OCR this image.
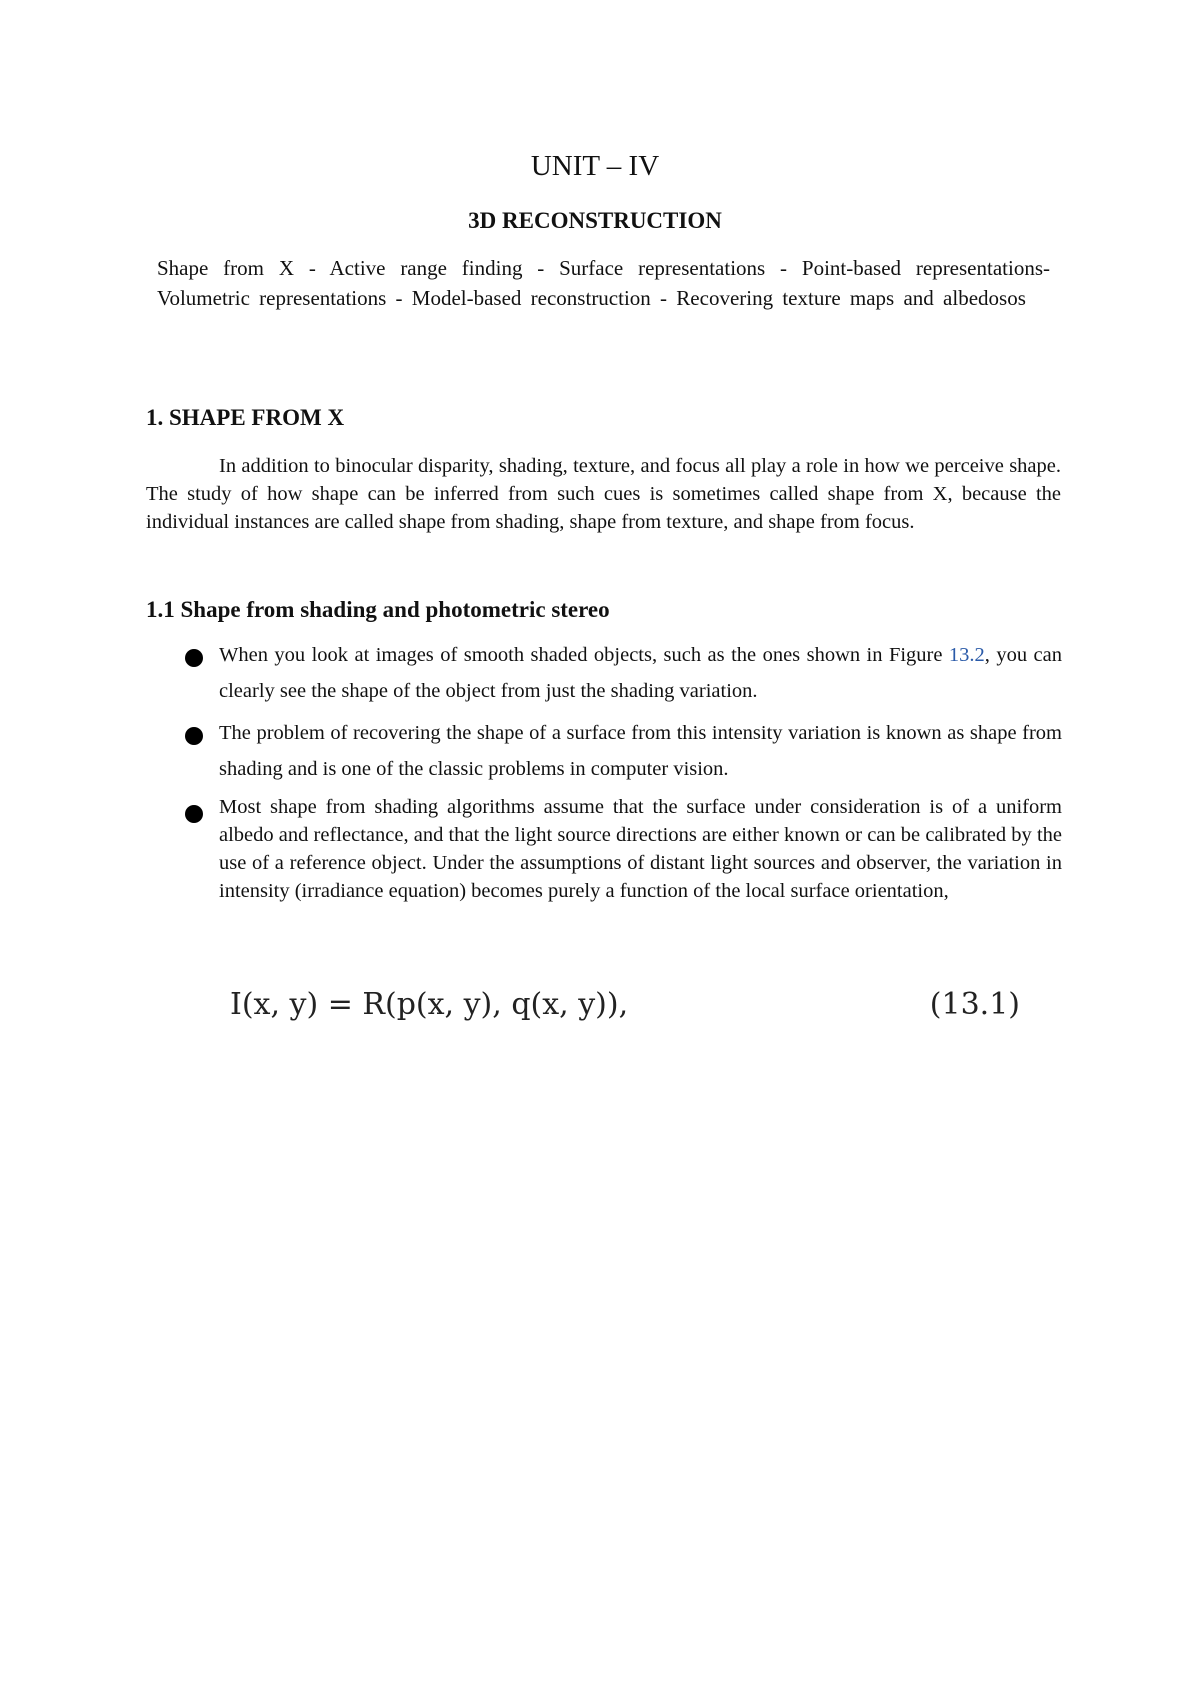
UNIT – IV
3D RECONSTRUCTION

Shape from X - Active range finding - Surface representations - Point-based representations- Volumetric representations - Model-based reconstruction - Recovering texture maps and albedosos

1. SHAPE FROM X

In addition to binocular disparity, shading, texture, and focus all play a role in how we perceive shape. The study of how shape can be inferred from such cues is sometimes called shape from X, because the individual instances are called shape from shading, shape from texture, and shape from focus.

1.1 Shape from shading and photometric stereo
When you look at images of smooth shaded objects, such as the ones shown in Figure 13.2, you can clearly see the shape of the object from just the shading variation.
The problem of recovering the shape of a surface from this intensity variation is known as shape from shading and is one of the classic problems in computer vision.
Most shape from shading algorithms assume that the surface under consideration is of a uniform albedo and reflectance, and that the light source directions are either known or can be calibrated by the use of a reference object. Under the assumptions of distant light sources and observer, the variation in intensity (irradiance equation) becomes purely a function of the local surface orientation,
I(x, y) = R(p(x, y), q(x, y)),	(13.1)
